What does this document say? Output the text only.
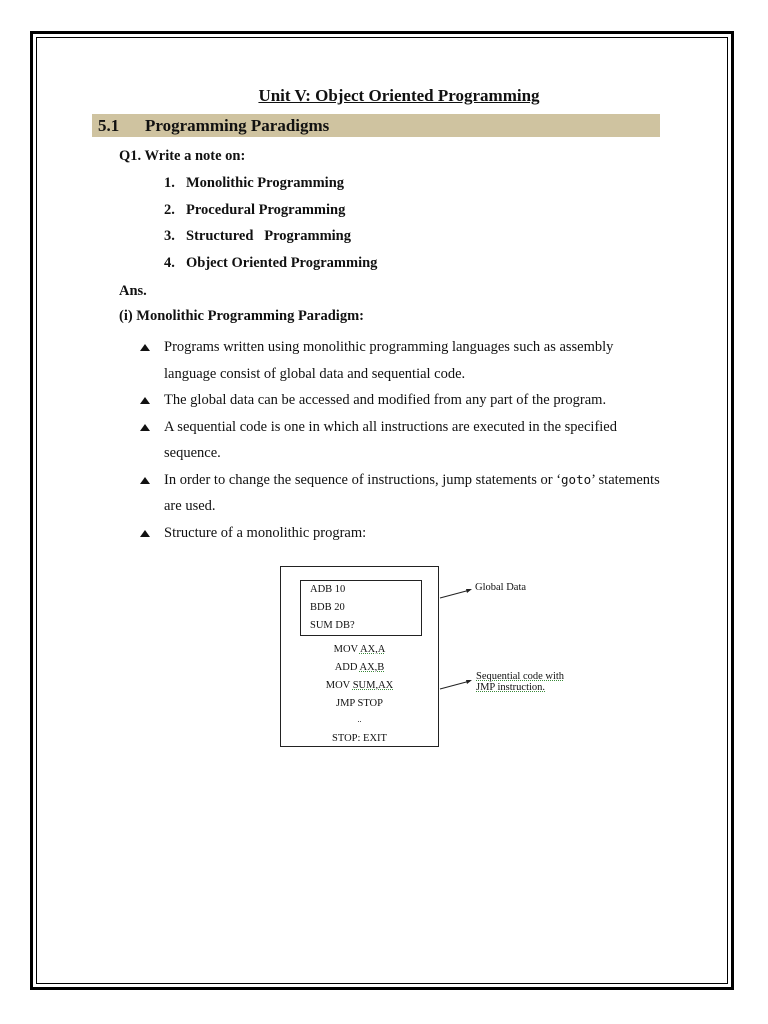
Unit V: Object Oriented Programming
5.1 Programming Paradigms
Q1. Write a note on:
1. Monolithic Programming
2. Procedural Programming
3. Structured   Programming
4. Object Oriented Programming
Ans.
(i) Monolithic Programming Paradigm:
Programs written using monolithic programming languages such as assembly
language consist of global data and sequential code.
The global data can be accessed and modified from any part of the program.
A sequential code is one in which all instructions are executed in the specified
sequence.
In order to change the sequence of instructions, jump statements or ‘goto’ statements
are used.
Structure of a monolithic program:
ADB 10
BDB 20
SUM DB?
MOV AX,A
ADD AX,B
MOV SUM,AX
JMP STOP
..
STOP: EXIT
Global Data
Sequential code with
JMP instruction.
